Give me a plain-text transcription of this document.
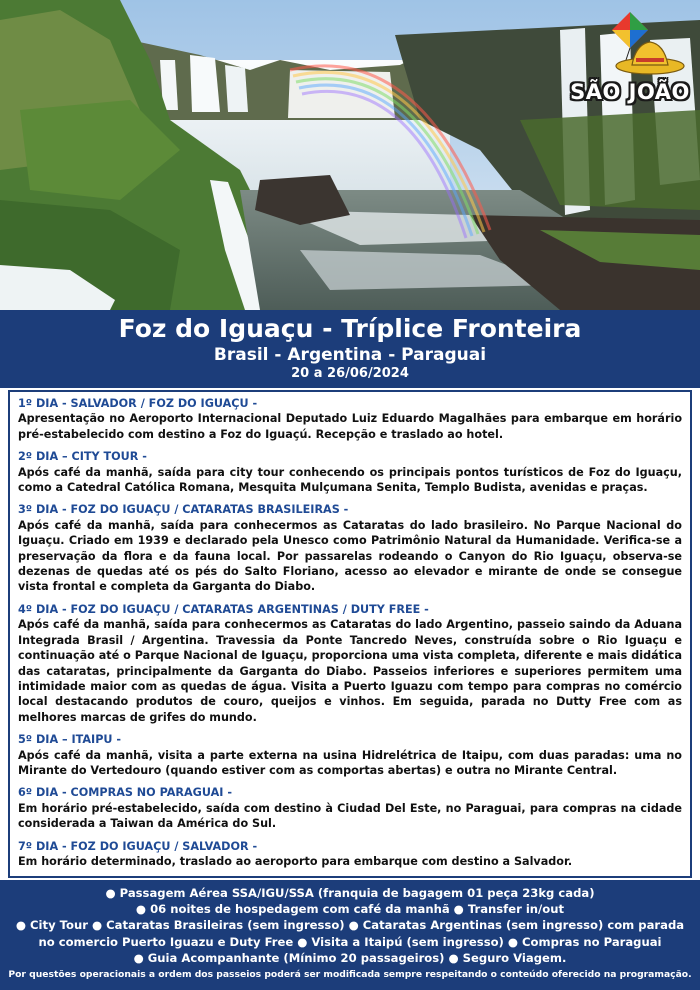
SÃO JOÃO
Foz do Iguaçu - Tríplice Fronteira
Brasil - Argentina - Paraguai
20 a 26/06/2024
1º DIA - SALVADOR / FOZ DO IGUAÇU -
Apresentação no Aeroporto Internacional Deputado Luiz Eduardo Magalhães para embarque em horário pré-estabelecido com destino a Foz do Iguaçú. Recepção e traslado ao hotel.
2º DIA – CITY TOUR -
Após café da manhã, saída para city tour conhecendo os principais pontos turísticos de Foz do Iguaçu, como a Catedral Católica Romana, Mesquita Mulçumana Senita, Templo Budista, avenidas e praças.
3º DIA - FOZ DO IGUAÇU / CATARATAS BRASILEIRAS -
Após café da manhã, saída para conhecermos as Cataratas do lado brasileiro. No Parque Nacional do Iguaçu. Criado em 1939 e declarado pela Unesco como Patrimônio Natural da Humanidade. Verifica-se a preservação da flora e da fauna local. Por passarelas rodeando o Canyon do Rio Iguaçu, observa-se dezenas de quedas até os pés do Salto Floriano, acesso ao elevador e mirante de onde se consegue vista frontal e completa da Garganta do Diabo.
4º DIA - FOZ DO IGUAÇU / CATARATAS ARGENTINAS / DUTY FREE -
Após café da manhã, saída para conhecermos as Cataratas do lado Argentino, passeio saindo da Aduana Integrada Brasil / Argentina. Travessia da Ponte Tancredo Neves, construída sobre o Rio Iguaçu e continuação até o Parque Nacional de Iguaçu, proporciona uma vista completa, diferente e mais didática das cataratas, principalmente da Garganta do Diabo. Passeios inferiores e superiores permitem uma intimidade maior com as quedas de água. Visita a Puerto Iguazu com tempo para compras no comércio local destacando produtos de couro, queijos e vinhos. Em seguida, parada no Dutty Free com as melhores marcas de grifes do mundo.
5º DIA – ITAIPU -
Após café da manhã, visita a parte externa na usina Hidrelétrica de Itaipu, com duas paradas: uma no Mirante do Vertedouro (quando estiver com as comportas abertas) e outra no Mirante Central.
6º DIA - COMPRAS NO PARAGUAI -
Em horário pré-estabelecido, saída com destino à Ciudad Del Este, no Paraguai, para compras na cidade considerada a Taiwan da América do Sul.
7º DIA - FOZ DO IGUAÇU / SALVADOR -
Em horário determinado, traslado ao aeroporto para embarque com destino a Salvador.
● Passagem Aérea SSA/IGU/SSA (franquia de bagagem 01 peça 23kg cada)
● 06 noites de hospedagem com café da manhã ● Transfer in/out
● City Tour ● Cataratas Brasileiras (sem ingresso) ● Cataratas Argentinas (sem ingresso) com parada
no comercio Puerto Iguazu e Duty Free ● Visita a Itaipú (sem ingresso) ● Compras no Paraguai
● Guia Acompanhante (Mínimo 20 passageiros) ● Seguro Viagem.
Por questões operacionais a ordem dos passeios poderá ser modificada sempre respeitando o conteúdo oferecido na programação.
